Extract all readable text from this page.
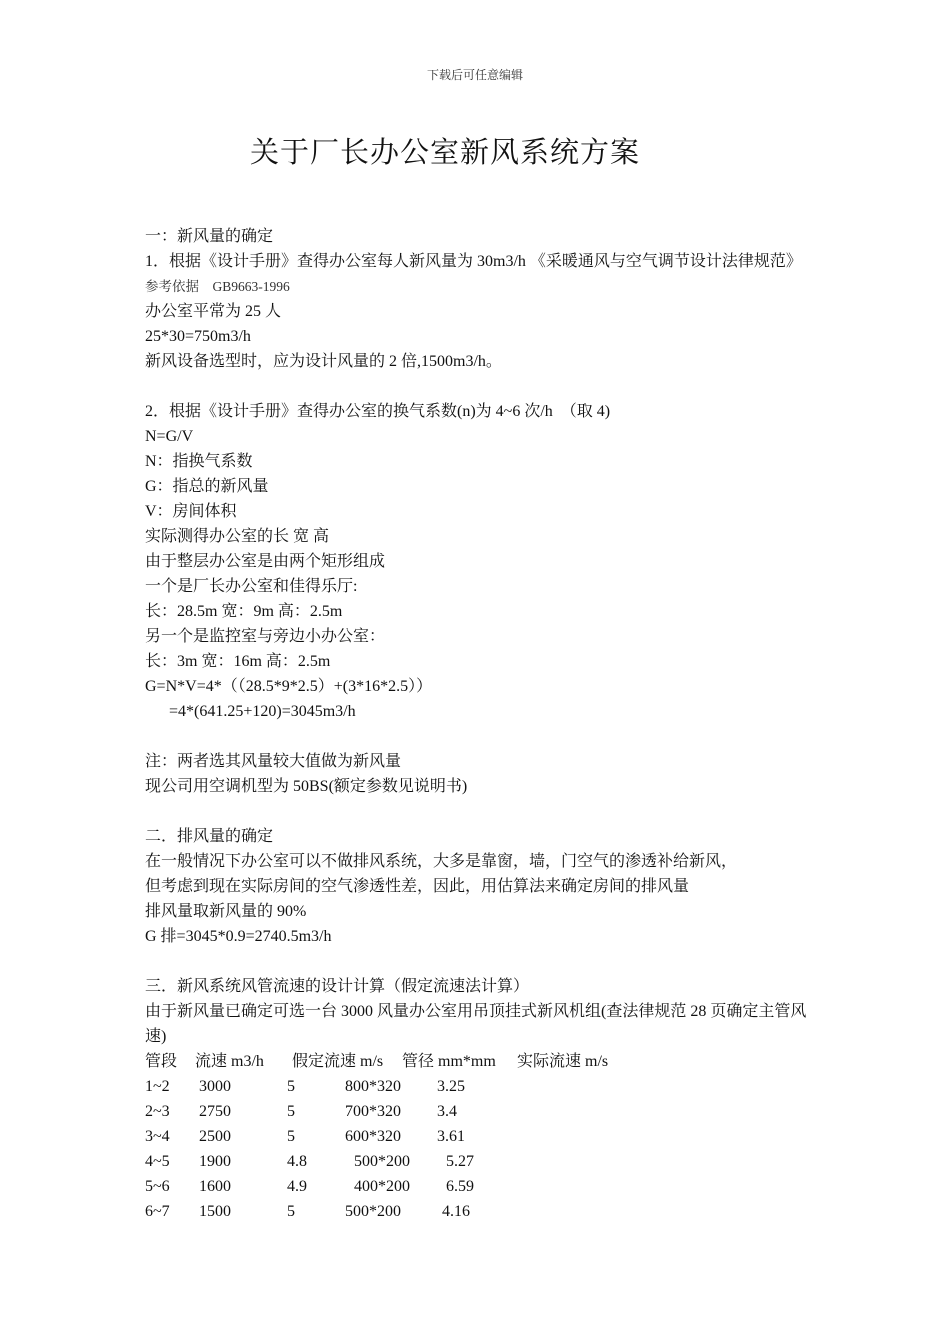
下载后可任意编辑
关于厂长办公室新风系统方案
一：新风量的确定
1．根据《设计手册》查得办公室每人新风量为 30m3/h 《采暖通风与空气调节设计法律规范》 参考依据　GB9663-1996
办公室平常为 25 人
25*30=750m3/h
新风设备选型时，应为设计风量的 2 倍,1500m3/h。
2．根据《设计手册》查得办公室的换气系数(n)为 4~6 次/h　（取 4)
N=G/V
N：指换气系数
G：指总的新风量
V：房间体积
实际测得办公室的长 宽 高
由于整层办公室是由两个矩形组成
一个是厂长办公室和佳得乐厅:
长：28.5m 宽：9m 高：2.5m
另一个是监控室与旁边小办公室：
长：3m 宽：16m 高：2.5m
G=N*V=4*（（28.5*9*2.5）+(3*16*2.5））
=4*(641.25+120)=3045m3/h
注：两者选其风量较大值做为新风量
现公司用空调机型为 50BS(额定参数见说明书)
二．排风量的确定
在一般情况下办公室可以不做排风系统，大多是靠窗，墙，门空气的渗透补给新风，
但考虑到现在实际房间的空气渗透性差，因此，用估算法来确定房间的排风量
排风量取新风量的 90%
G 排=3045*0.9=2740.5m3/h
三．新风系统风管流速的设计计算（假定流速法计算）
由于新风量已确定可选一台 3000 风量办公室用吊顶挂式新风机组(查法律规范 28 页确定主管风速)
管段 流速 m3/h 假定流速 m/s 管径 mm*mm 实际流速 m/s
1~2 3000	5	800*320 3.25
2~3 2750	5	700*320 3.4
3~4 2500	5	600*320 3.61
4~5 1900	4.8	500*200 5.27
5~6 1600	4.9	400*200 6.59
6~7 1500	5	500*200	4.16
